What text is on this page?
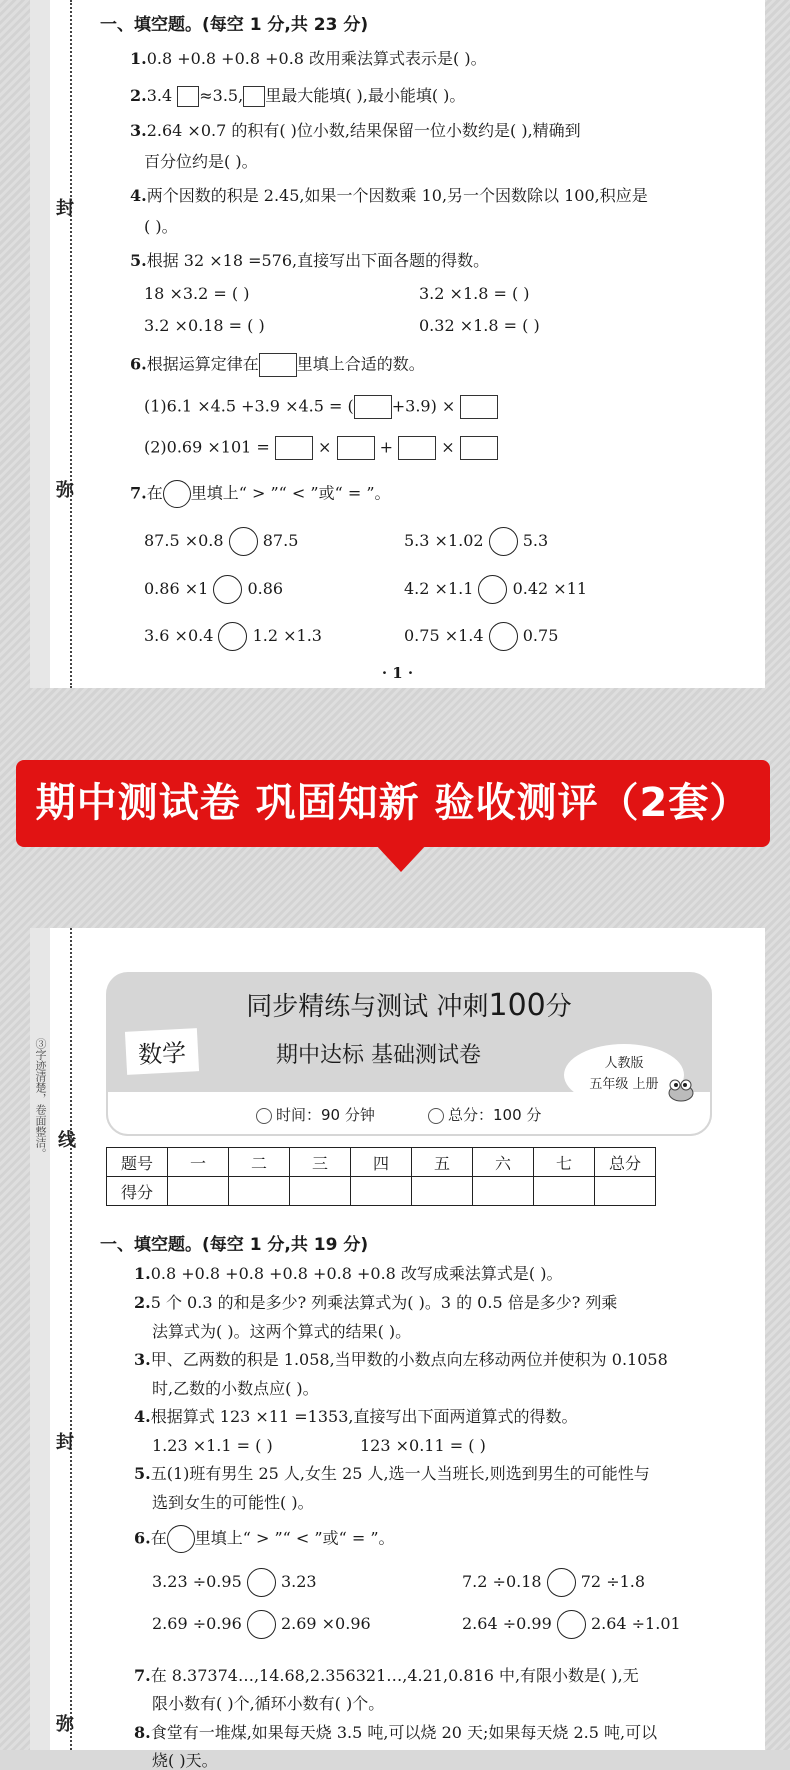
封
弥
一、填空题。(每空 1 分,共 23 分)
1.0.8 +0.8 +0.8 +0.8 改用乘法算式表示是( )。
2.3.4 ≈3.5, 里最大能填( ),最小能填( )。
3.2.64 ×0.7 的积有( )位小数,结果保留一位小数约是( ),精确到
百分位约是( )。
4.两个因数的积是 2.45,如果一个因数乘 10,另一个因数除以 100,积应是
( )。
5.根据 32 ×18 =576,直接写出下面各题的得数。
18 ×3.2 = ( )	3.2 ×1.8 = ( )
3.2 ×0.18 = ( )	0.32 ×1.8 = ( )
6.根据运算定律在 里填上合适的数。
(1)6.1 ×4.5 +3.9 ×4.5 = ( +3.9) ×
(2)0.69 ×101 =	×	+	×
7.在 里填上“ > ”“ < ”或“ = ”。
87.5 ×0.8 87.5	5.3 ×1.02 5.3
0.86 ×1 0.86	4.2 ×1.1 0.42 ×11
3.6 ×0.4 1.2 ×1.3	0.75 ×1.4 0.75
· 1 ·
期中测试卷 巩固知新 验收测评（2套）
③字迹清楚，卷面整洁。 线
封
弥
同步精练与测试 冲刺100分
数学	期中达标 基础测试卷	人教版
五年级 上册
时间：90 分钟	总分：100 分
题号	一	二	三	四	五	六	七	总分
得分								
一、填空题。(每空 1 分,共 19 分)
1.0.8 +0.8 +0.8 +0.8 +0.8 +0.8 改写成乘法算式是( )。
2.5 个 0.3 的和是多少? 列乘法算式为( )。3 的 0.5 倍是多少? 列乘
法算式为( )。这两个算式的结果( )。
3.甲、乙两数的积是 1.058,当甲数的小数点向左移动两位并使积为 0.1058
时,乙数的小数点应( )。
4.根据算式 123 ×11 =1353,直接写出下面两道算式的得数。
1.23 ×1.1 = ( )	123 ×0.11 = ( )
5.五(1)班有男生 25 人,女生 25 人,选一人当班长,则选到男生的可能性与
选到女生的可能性( )。
6.在 里填上“ > ”“ < ”或“ = ”。
3.23 ÷0.95 3.23	7.2 ÷0.18 72 ÷1.8
2.69 ÷0.96 2.69 ×0.96	2.64 ÷0.99 2.64 ÷1.01
7.在 8.37374…,14.68,2.356321…,4.21,0.816 中,有限小数是( ),无
限小数有( )个,循环小数有( )个。
8.食堂有一堆煤,如果每天烧 3.5 吨,可以烧 20 天;如果每天烧 2.5 吨,可以
烧( )天。
